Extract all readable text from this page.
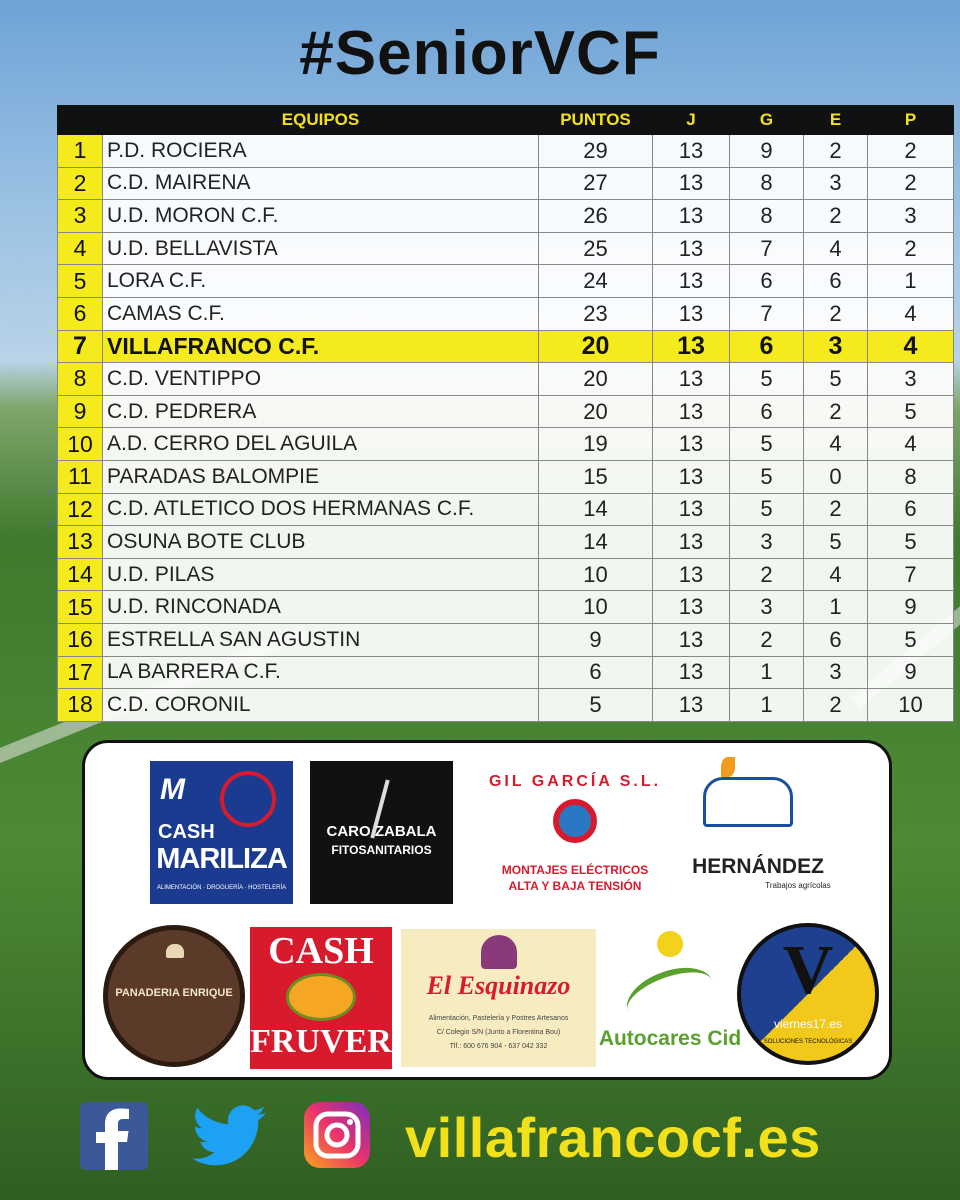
#SeniorVCF
	EQUIPOS	PUNTOS	J	G	E	P
1	P.D. ROCIERA	29	13	9	2	2
2	C.D. MAIRENA	27	13	8	3	2
3	U.D. MORON C.F.	26	13	8	2	3
4	U.D. BELLAVISTA	25	13	7	4	2
5	LORA C.F.	24	13	6	6	1
6	CAMAS C.F.	23	13	7	2	4
7	VILLAFRANCO C.F.	20	13	6	3	4
8	C.D. VENTIPPO	20	13	5	5	3
9	C.D. PEDRERA	20	13	6	2	5
10	A.D. CERRO DEL AGUILA	19	13	5	4	4
11	PARADAS BALOMPIE	15	13	5	0	8
12	C.D. ATLETICO DOS HERMANAS C.F.	14	13	5	2	6
13	OSUNA BOTE CLUB	14	13	3	5	5
14	U.D. PILAS	10	13	2	4	7
15	U.D. RINCONADA	10	13	3	1	9
16	ESTRELLA SAN AGUSTIN	9	13	2	6	5
17	LA BARRERA C.F.	6	13	1	3	9
18	C.D. CORONIL	5	13	1	2	10
M
CASH
MARILIZA
ALIMENTACIÓN · DROGUERÍA · HOSTELERÍA
CARO ZABALA
FITOSANITARIOS
GIL GARCÍA S.L.
MONTAJES ELÉCTRICOS
ALTA Y BAJA TENSIÓN
HERNÁNDEZ
Trabajos agrícolas
PANADERIA ENRIQUE
CASH
FRUVER
El Esquinazo
Alimentación, Pastelería y Postres Artesanos
C/ Colegio S/N (Junto a Florentina Bou)
Tlf.: 600 676 904 - 637 042 332	Autocares Cid
V
viernes17.es
SOLUCIONES TECNOLÓGICAS
villafrancocf.es
